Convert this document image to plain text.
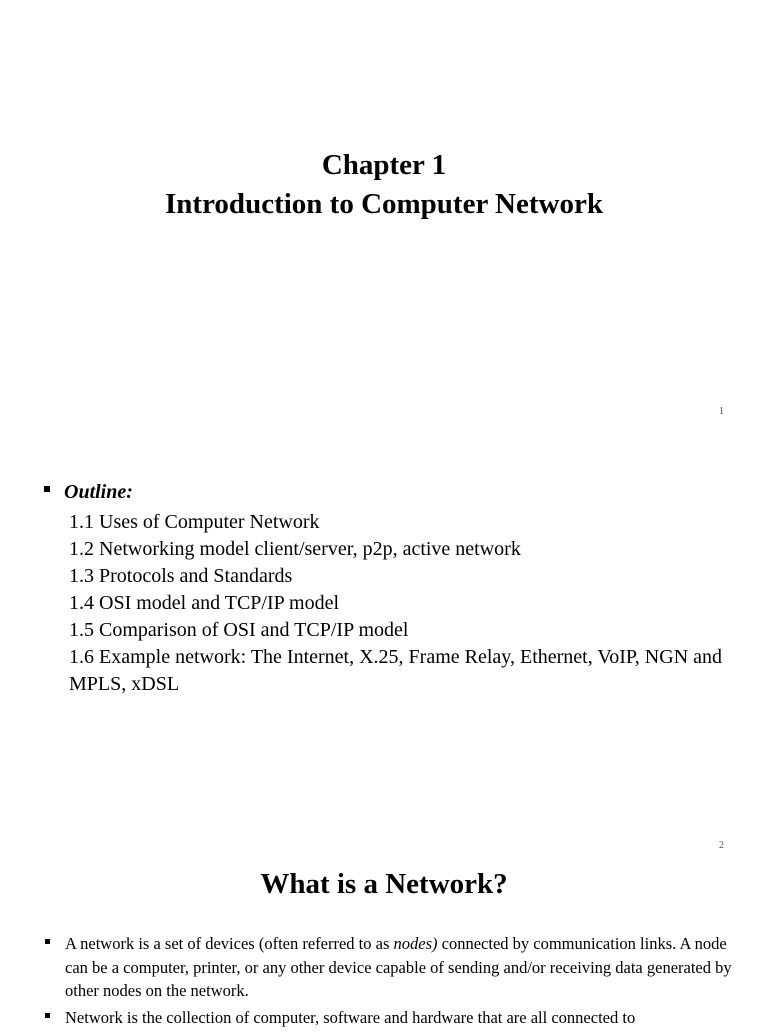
Chapter 1
Introduction to Computer Network
1
Outline:
1.1 Uses of Computer Network
1.2 Networking model client/server, p2p, active network
1.3 Protocols and Standards
1.4 OSI model and TCP/IP model
1.5 Comparison of OSI and TCP/IP model
1.6 Example network: The Internet, X.25, Frame Relay, Ethernet, VoIP, NGN and MPLS, xDSL
2
What is a Network?
A network is a set of devices (often referred to as nodes) connected by communication links. A node can be a computer, printer, or any other device capable of sending and/or receiving data generated by other nodes on the network.
Network is the collection of computer, software and hardware that are all connected to
